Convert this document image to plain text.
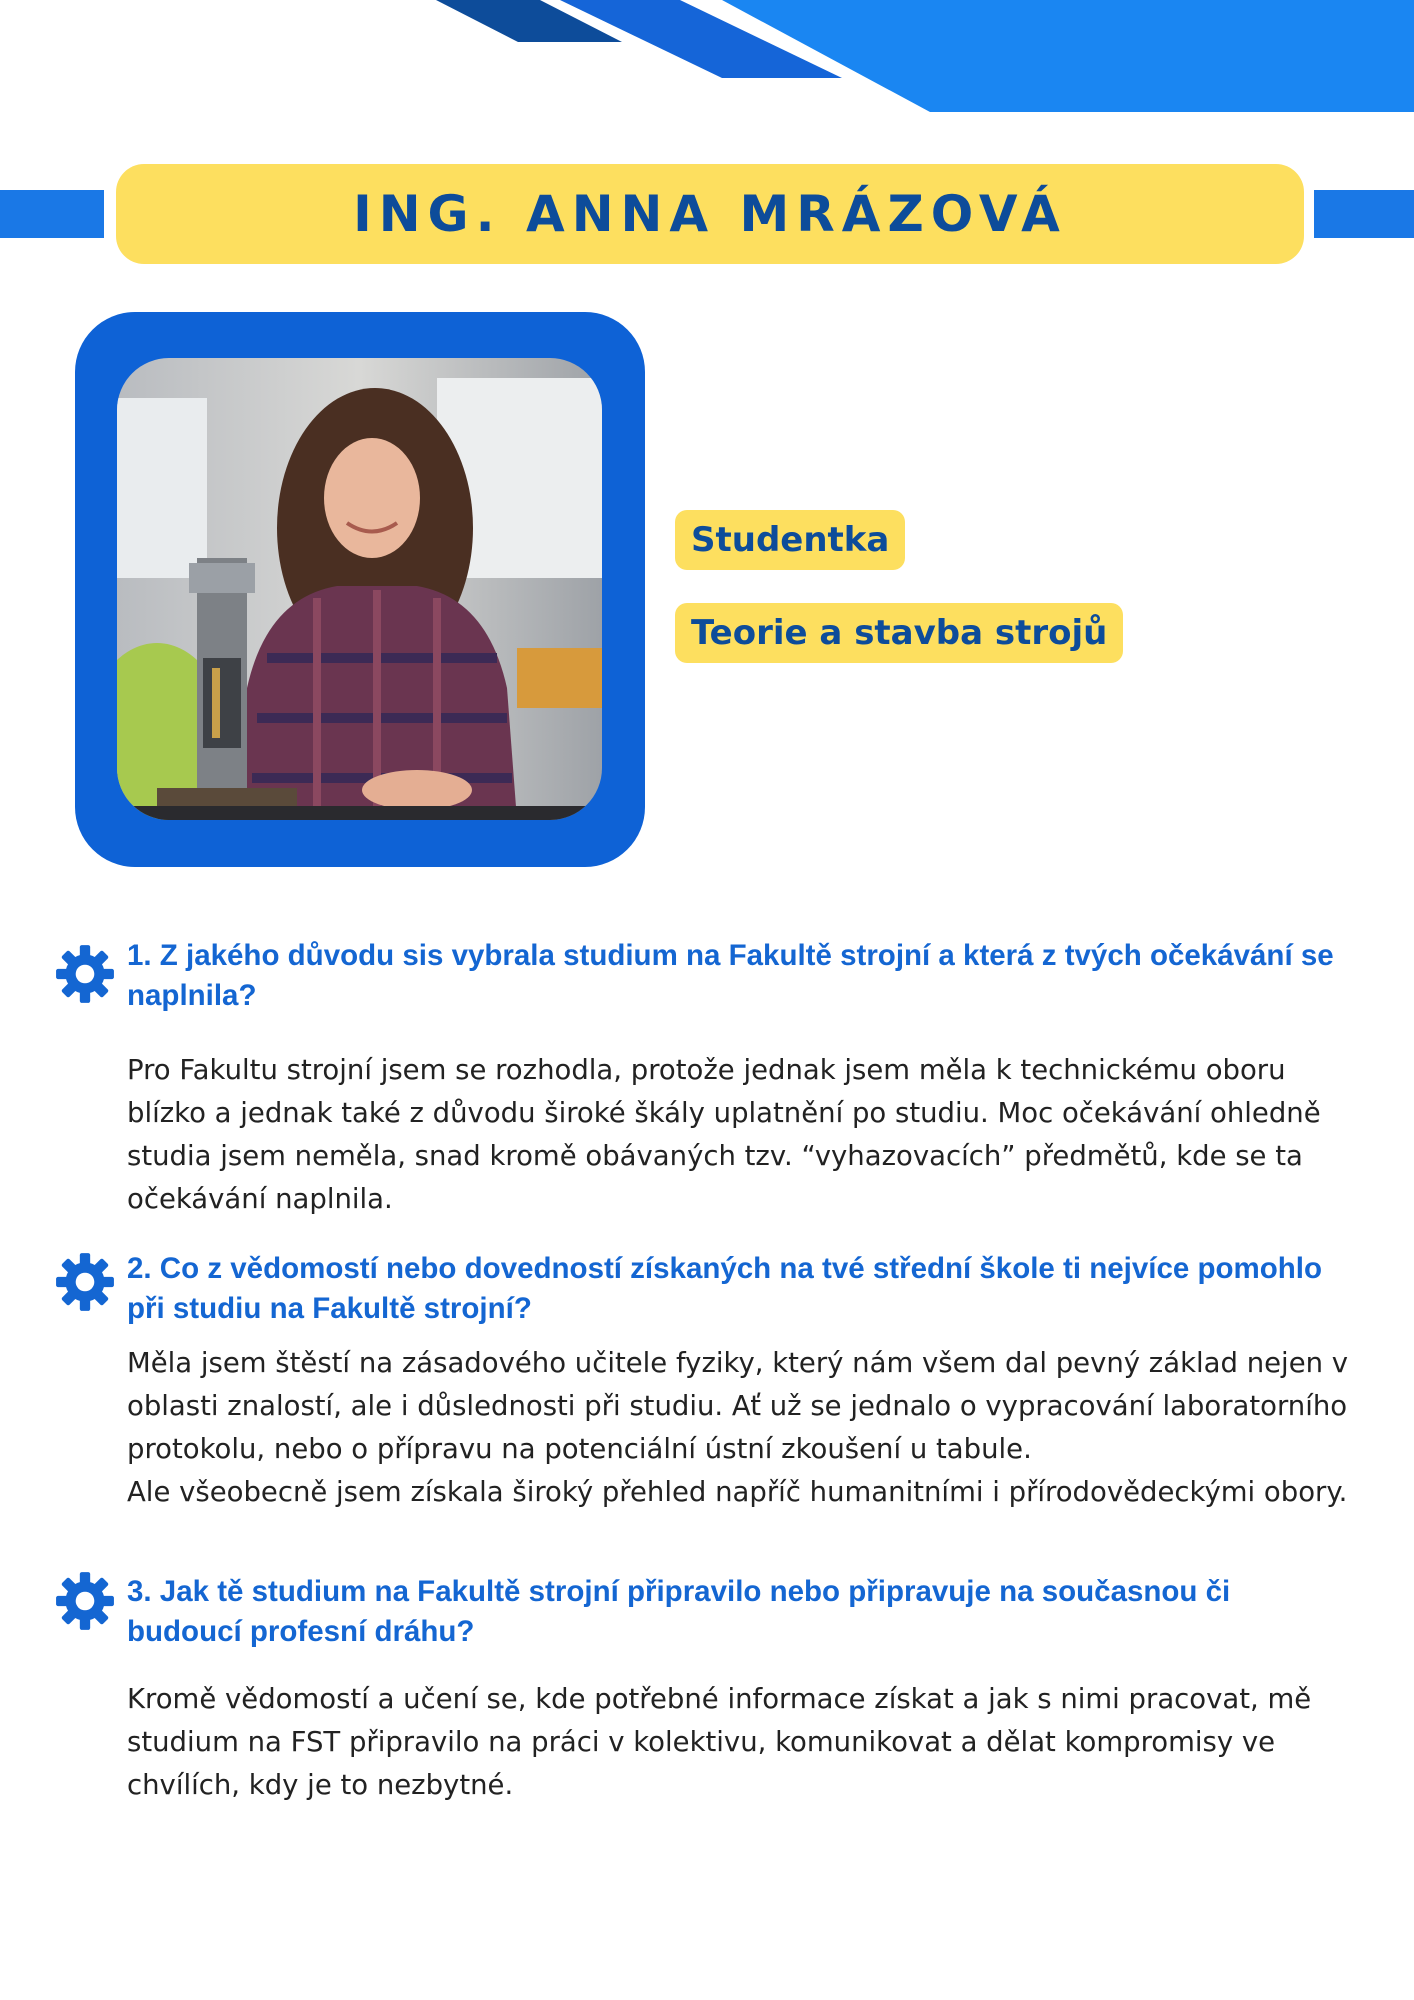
ING. ANNA MRÁZOVÁ
Studentka
Teorie a stavba strojů
1. Z jakého důvodu sis vybrala studium na Fakultě strojní a která z tvých očekávání se naplnila?
Pro Fakultu strojní jsem se rozhodla, protože jednak jsem měla k technickému oboru blízko a jednak také z důvodu široké škály uplatnění po studiu. Moc očekávání ohledně studia jsem neměla, snad kromě obávaných tzv. “vyhazovacích” předmětů, kde se ta očekávání naplnila.
2. Co z vědomostí nebo dovedností získaných na tvé střední škole ti nejvíce pomohlo při studiu na Fakultě strojní?
Měla jsem štěstí na zásadového učitele fyziky, který nám všem dal pevný základ nejen v oblasti znalostí, ale i důslednosti při studiu. Ať už se jednalo o vypracování laboratorního protokolu, nebo o přípravu na potenciální ústní zkoušení u tabule.
Ale všeobecně jsem získala široký přehled napříč humanitními i přírodovědeckými obory.
3. Jak tě studium na Fakultě strojní připravilo nebo připravuje na současnou či budoucí profesní dráhu?
Kromě vědomostí a učení se, kde potřebné informace získat a jak s nimi pracovat, mě studium na FST připravilo na práci v kolektivu, komunikovat a dělat kompromisy ve chvílích, kdy je to nezbytné.
